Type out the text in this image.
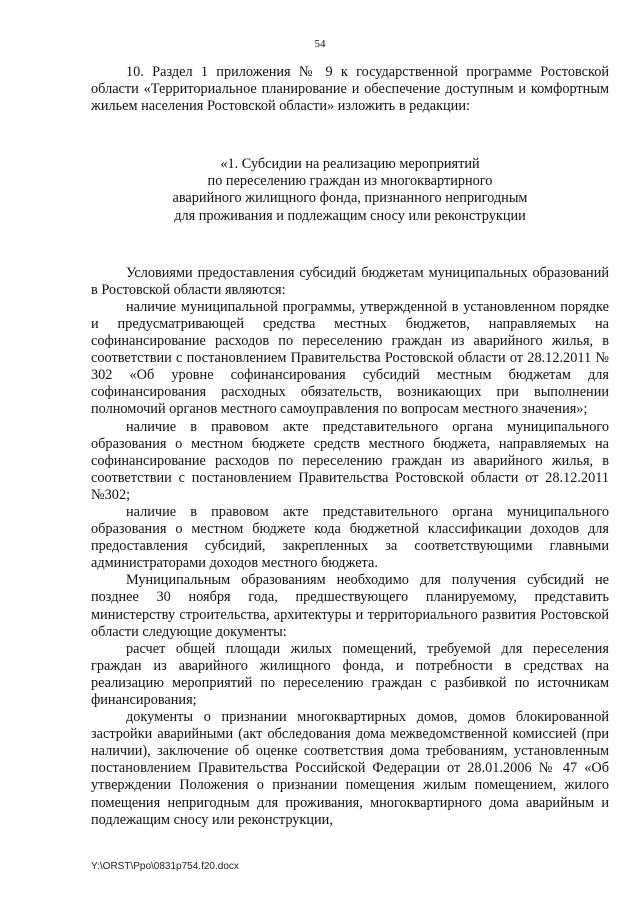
54

10. Раздел 1 приложения № 9 к государственной программе Ростовской области «Территориальное планирование и обеспечение доступным и комфортным жильем населения Ростовской области» изложить в редакции:

«1. Субсидии на реализацию мероприятий
по переселению граждан из многоквартирного
аварийного жилищного фонда, признанного непригодным
для проживания и подлежащим сносу или реконструкции

Условиями предоставления субсидий бюджетам муниципальных образований в Ростовской области являются:

наличие муниципальной программы, утвержденной в установленном порядке и предусматривающей средства местных бюджетов, направляемых на софинансирование расходов по переселению граждан из аварийного жилья, в соответствии с постановлением Правительства Ростовской области от 28.12.2011 № 302 «Об уровне софинансирования субсидий местным бюджетам для софинансирования расходных обязательств, возникающих при выполнении полномочий органов местного самоуправления по вопросам местного значения»;

наличие в правовом акте представительного органа муниципального образования о местном бюджете средств местного бюджета, направляемых на софинансирование расходов по переселению граждан из аварийного жилья, в соответствии с постановлением Правительства Ростовской области от 28.12.2011 №302;

наличие в правовом акте представительного органа муниципального образования о местном бюджете кода бюджетной классификации доходов для предоставления субсидий, закрепленных за соответствующими главными администраторами доходов местного бюджета.

Муниципальным образованиям необходимо для получения субсидий не позднее 30 ноября года, предшествующего планируемому, представить министерству строительства, архитектуры и территориального развития Ростовской области следующие документы:

расчет общей площади жилых помещений, требуемой для переселения граждан из аварийного жилищного фонда, и потребности в средствах на реализацию мероприятий по переселению граждан с разбивкой по источникам финансирования;

документы о признании многоквартирных домов, домов блокированной застройки аварийными (акт обследования дома межведомственной комиссией (при наличии), заключение об оценке соответствия дома требованиям, установленным постановлением Правительства Российской Федерации от 28.01.2006 № 47 «Об утверждении Положения о признании помещения жилым помещением, жилого помещения непригодным для проживания, многоквартирного дома аварийным и подлежащим сносу или реконструкции,

Y:\ORST\Ppo\0831p754.f20.docx
